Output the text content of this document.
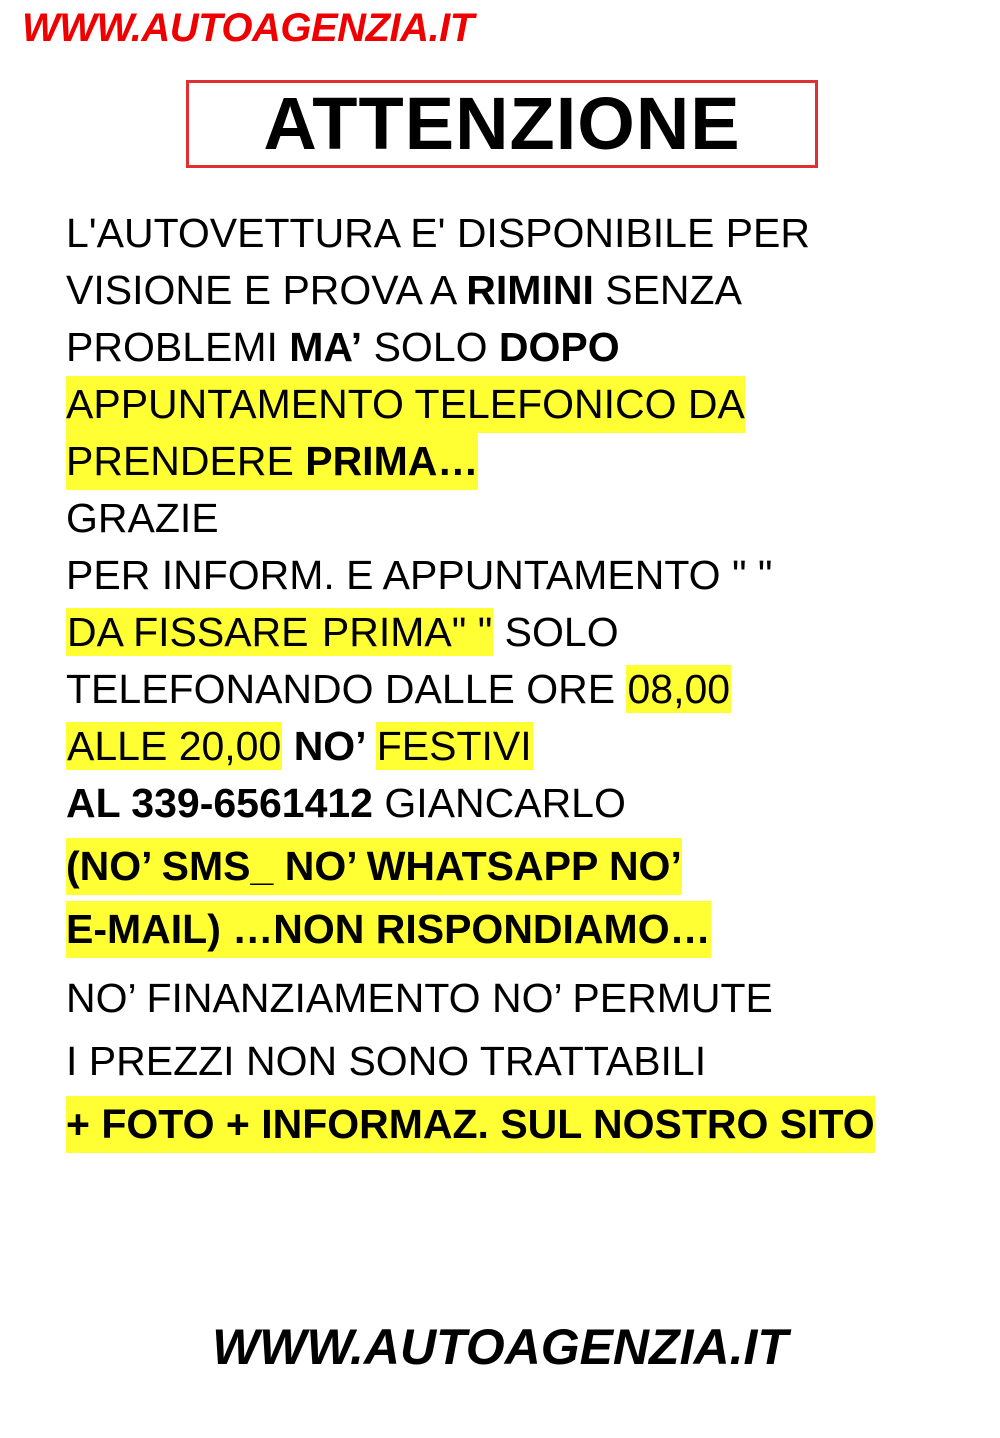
WWW.AUTOAGENZIA.IT
ATTENZIONE
L'AUTOVETTURA E' DISPONIBILE PER
VISIONE E PROVA A RIMINI SENZA
PROBLEMI MA’ SOLO DOPO
APPUNTAMENTO TELEFONICO DA
PRENDERE PRIMA…
GRAZIE
PER INFORM. E APPUNTAMENTO " "
DA FISSARE PRIMA" " SOLO
TELEFONANDO DALLE ORE 08,00
ALLE 20,00 NO’ FESTIVI
AL 339-6561412 GIANCARLO
(NO’ SMS_ NO’ WHATSAPP NO’
E-MAIL) …NON RISPONDIAMO…
NO’ FINANZIAMENTO NO’ PERMUTE
I PREZZI NON SONO TRATTABILI
+ FOTO + INFORMAZ. SUL NOSTRO SITO
WWW.AUTOAGENZIA.IT
